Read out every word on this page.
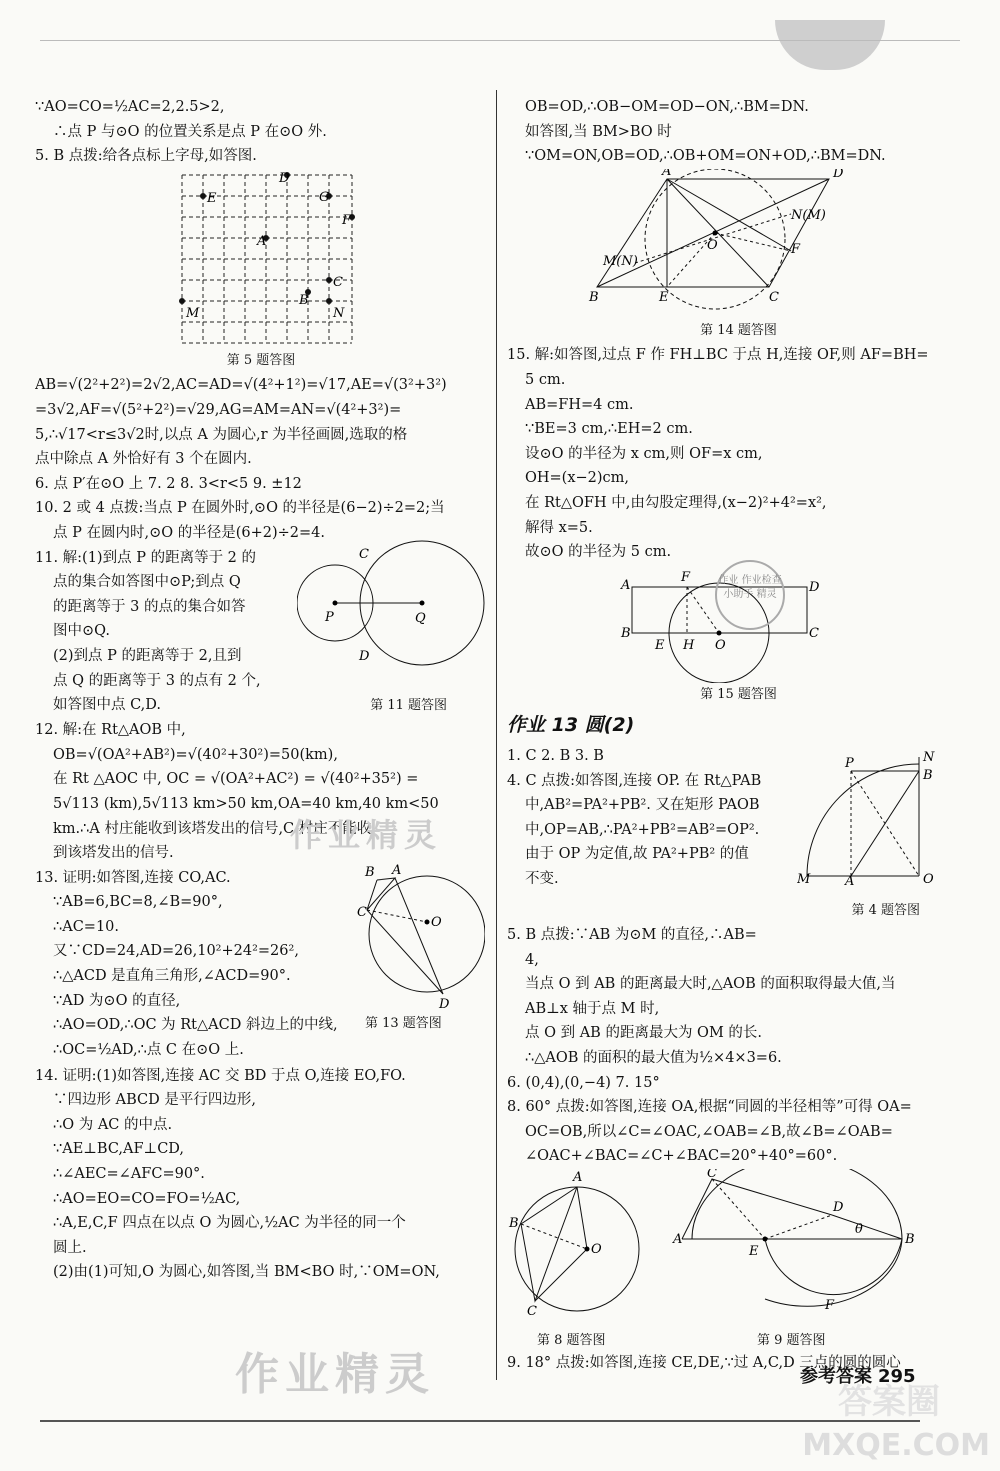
∵AO=CO=½AC=2,2.5>2,
∴点 P 与⊙O 的位置关系是点 P 在⊙O 外.
5. B 点拨:给各点标上字母,如答图.
D
E	G
F
A
C
B
M	N
第 5 题答图
AB=√(2²+2²)=2√2,AC=AD=√(4²+1²)=√17,AE=√(3²+3²)
=3√2,AF=√(5²+2²)=√29,AG=AM=AN=√(4²+3²)=
5,∴√17<r≤3√2时,以点 A 为圆心,r 为半径画圆,选取的格
点中除点 A 外恰好有 3 个在圆内.
6. 点 P′在⊙O 上 7. 2 8. 3<r<5 9. ±12
10. 2 或 4 点拨:当点 P 在圆外时,⊙O 的半径是(6−2)÷2=2;当
点 P 在圆内时,⊙O 的半径是(6+2)÷2=4.
11. 解:(1)到点 P 的距离等于 2 的
点的集合如答图中⊙P;到点 Q
的距离等于 3 的点的集合如答
图中⊙Q.
(2)到点 P 的距离等于 2,且到
点 Q 的距离等于 3 的点有 2 个,
如答图中点 C,D.
P	Q
C
D
第 11 题答图
12. 解:在 Rt△AOB 中,
OB=√(OA²+AB²)=√(40²+30²)=50(km),
在 Rt △AOC 中, OC = √(OA²+AC²) = √(40²+35²) =
5√113 (km),5√113 km>50 km,OA=40 km,40 km<50
km.∴A 村庄能收到该塔发出的信号,C 村庄不能收
到该塔发出的信号.
13. 证明:如答图,连接 CO,AC.
∵AB=6,BC=8,∠B=90°,
∴AC=10.
又∵CD=24,AD=26,10²+24²=26²,
∴△ACD 是直角三角形,∠ACD=90°.
∵AD 为⊙O 的直径,
∴AO=OD,∴OC 为 Rt△ACD 斜边上的中线,
∴OC=½AD,∴点 C 在⊙O 上.
B A
C
O
D
第 13 题答图
14. 证明:(1)如答图,连接 AC 交 BD 于点 O,连接 EO,FO.
∵四边形 ABCD 是平行四边形,
∴O 为 AC 的中点.
∵AE⊥BC,AF⊥CD,
∴∠AEC=∠AFC=90°.
∴AO=EO=CO=FO=½AC,
∴A,E,C,F 四点在以点 O 为圆心,½AC 为半径的同一个
圆上.
(2)由(1)可知,O 为圆心,如答图,当 BM<BO 时,∵OM=ON,
OB=OD,∴OB−OM=OD−ON,∴BM=DN.
如答图,当 BM>BO 时
∵OM=ON,OB=OD,∴OB+OM=ON+OD,∴BM=DN.
A	D
B	E	C
F
O
M(N)
N(M)
第 14 题答图
15. 解:如答图,过点 F 作 FH⊥BC 于点 H,连接 OF,则 AF=BH=
5 cm.
AB=FH=4 cm.
∵BE=3 cm,∴EH=2 cm.
设⊙O 的半径为 x cm,则 OF=x cm,
OH=(x−2)cm,
在 Rt△OFH 中,由勾股定理得,(x−2)²+4²=x²,
解得 x=5.
故⊙O 的半径为 5 cm.
A
F
D
B
E H O
C
第 15 题答图
作业 13 圆(2)
1. C 2. B 3. B
4. C 点拨:如答图,连接 OP. 在 Rt△PAB
中,AB²=PA²+PB². 又在矩形 PAOB
中,OP=AB,∴PA²+PB²=AB²=OP².
由于 OP 为定值,故 PA²+PB² 的值
不变.
P	N
B
M	A	O
第 4 题答图
5. B 点拨:∵AB 为⊙M 的直径,∴AB=
4,
当点 O 到 AB 的距离最大时,△AOB 的面积取得最大值,当
AB⊥x 轴于点 M 时,
点 O 到 AB 的距离最大为 OM 的长.
∴△AOB 的面积的最大值为½×4×3=6.
6. (0,4),(0,−4) 7. 15°
8. 60° 点拨:如答图,连接 OA,根据“同圆的半径相等”可得 OA=
OC=OB,所以∠C=∠OAC,∠OAB=∠B,故∠B=∠OAB=
∠OAC+∠BAC=∠C+∠BAC=20°+40°=60°.
A
B
O
C
C
D
A
E
θ
B
F
第 8 题答图	第 9 题答图
9. 18° 点拨:如答图,连接 CE,DE,∵过 A,C,D 三点的圆的圆心
作业 作业检查小助手 精灵
作业精灵
作业精灵
参考答案 295
答案圈
MXQE.COM
